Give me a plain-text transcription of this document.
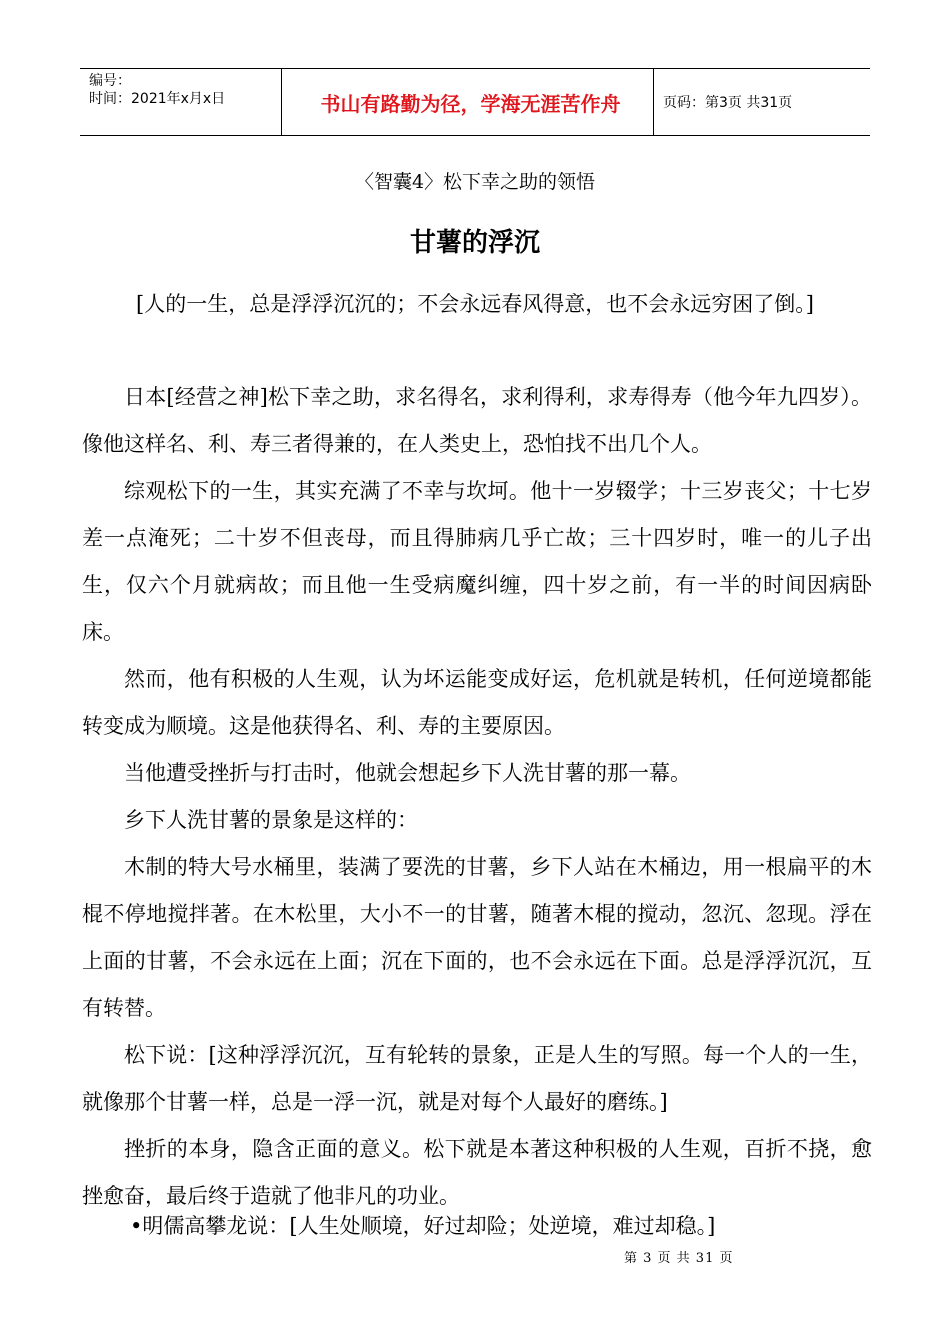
编号：
时间：2021年x月x日	书山有路勤为径，学海无涯苦作舟	页码：第3页 共31页
〈智囊4〉松下幸之助的领悟
甘薯的浮沉
[人的一生，总是浮浮沉沉的；不会永远春风得意，也不会永远穷困了倒。]

日本[经营之神]松下幸之助，求名得名，求利得利，求寿得寿（他今年九四岁）。像他这样名、利、寿三者得兼的，在人类史上，恐怕找不出几个人。

综观松下的一生，其实充满了不幸与坎坷。他十一岁辍学；十三岁丧父；十七岁差一点淹死；二十岁不但丧母，而且得肺病几乎亡故；三十四岁时，唯一的儿子出生，仅六个月就病故；而且他一生受病魔纠缠，四十岁之前，有一半的时间因病卧床。

然而，他有积极的人生观，认为坏运能变成好运，危机就是转机，任何逆境都能转变成为顺境。这是他获得名、利、寿的主要原因。

当他遭受挫折与打击时，他就会想起乡下人洗甘薯的那一幕。

乡下人洗甘薯的景象是这样的：

木制的特大号水桶里，装满了要洗的甘薯，乡下人站在木桶边，用一根扁平的木棍不停地搅拌著。在木松里，大小不一的甘薯，随著木棍的搅动，忽沉、忽现。浮在上面的甘薯，不会永远在上面；沉在下面的，也不会永远在下面。总是浮浮沉沉，互有转替。

松下说：[这种浮浮沉沉，互有轮转的景象，正是人生的写照。每一个人的一生，就像那个甘薯一样，总是一浮一沉，就是对每个人最好的磨练。]

挫折的本身，隐含正面的意义。松下就是本著这种积极的人生观，百折不挠，愈挫愈奋，最后终于造就了他非凡的功业。

•明儒高攀龙说：[人生处顺境，好过却险；处逆境，难过却稳。]
第 3 页 共 31 页
